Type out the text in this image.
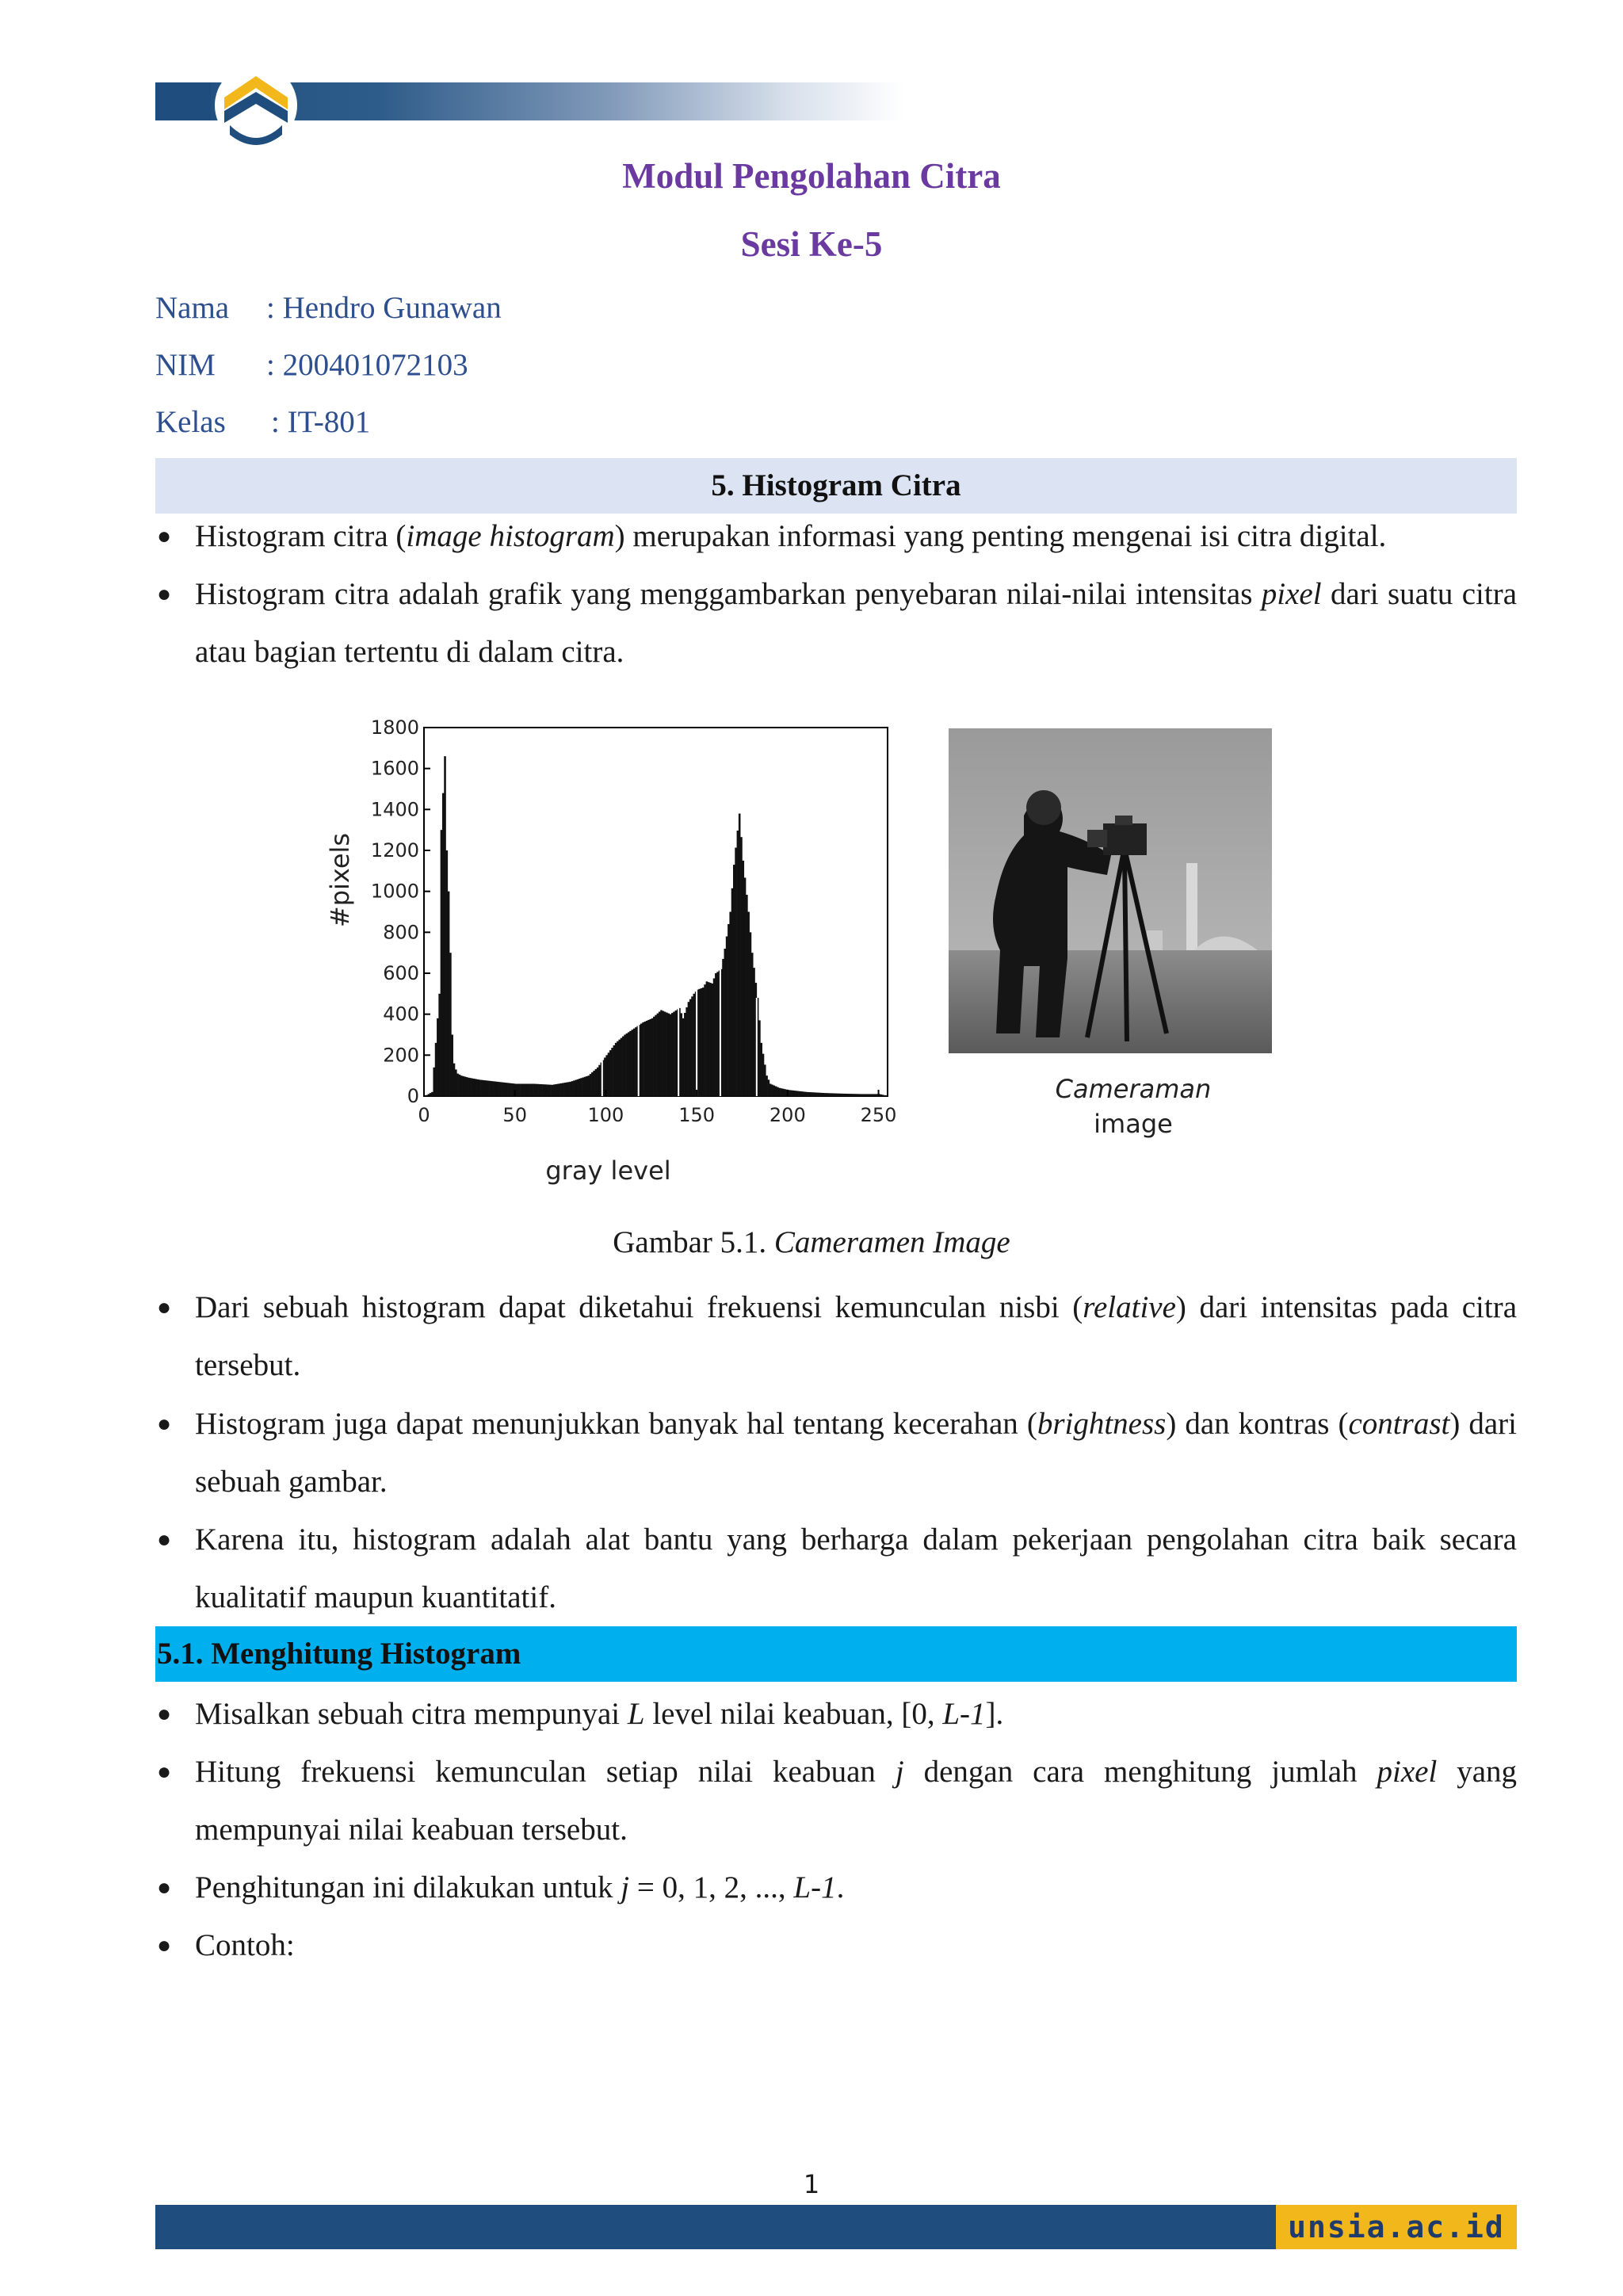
Modul Pengolahan Citra
Sesi Ke-5
Nama : Hendro Gunawan
NIM : 200401072103
Kelas : IT-801
5. Histogram Citra
● Histogram citra (image histogram) merupakan informasi yang penting mengenai isi citra digital.
● Histogram citra adalah grafik yang menggambarkan penyebaran nilai-nilai intensitas pixel dari suatu citra atau bagian tertentu di dalam citra.
0
200
400
600
800
1000
1200
1400
1600
1800
0	50	100	150	200	250
gray level
#pixels
Cameraman
image
Gambar 5.1. Cameramen Image
● Dari sebuah histogram dapat diketahui frekuensi kemunculan nisbi (relative) dari intensitas pada citra tersebut.
● Histogram juga dapat menunjukkan banyak hal tentang kecerahan (brightness) dan kontras (contrast) dari sebuah gambar.
● Karena itu, histogram adalah alat bantu yang berharga dalam pekerjaan pengolahan citra baik secara kualitatif maupun kuantitatif.
5.1. Menghitung Histogram
● Misalkan sebuah citra mempunyai L level nilai keabuan, [0, L-1].
● Hitung frekuensi kemunculan setiap nilai keabuan j dengan cara menghitung jumlah pixel yang mempunyai nilai keabuan tersebut.
● Penghitungan ini dilakukan untuk j = 0, 1, 2, ..., L-1.
● Contoh:
1
unsia.ac.id
